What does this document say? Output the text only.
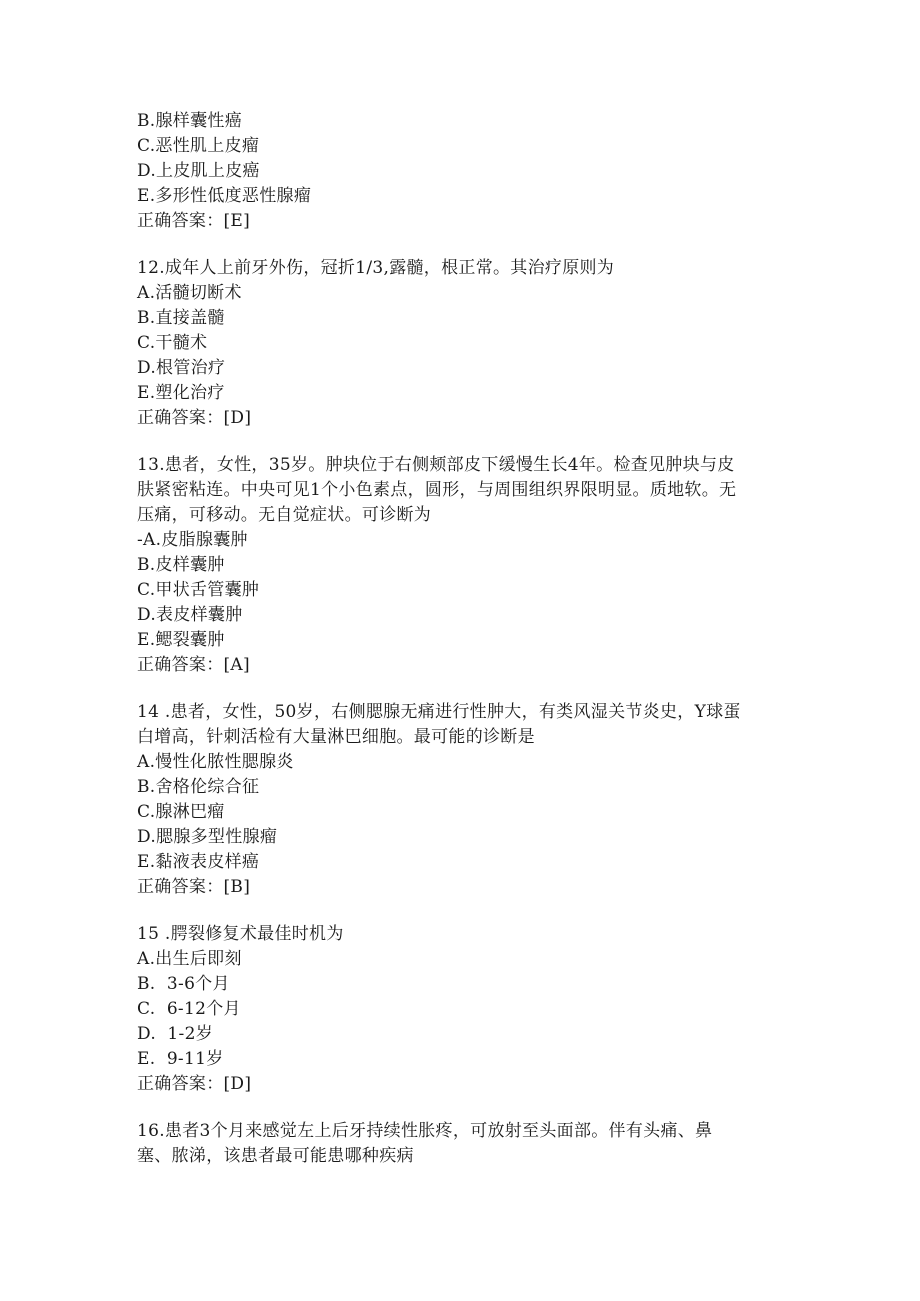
B.腺样囊性癌
C.恶性肌上皮瘤
D.上皮肌上皮癌
E.多形性低度恶性腺瘤
正确答案：[E]
12.成年人上前牙外伤，冠折1/3,露髓，根正常。其治疗原则为
A.活髓切断术
B.直接盖髓
C.干髓术
D.根管治疗
E.塑化治疗
正确答案：[D]
13.患者，女性，35岁。肿块位于右侧颊部皮下缓慢生长4年。检查见肿块与皮
肤紧密粘连。中央可见1个小色素点，圆形，与周围组织界限明显。质地软。无
压痛，可移动。无自觉症状。可诊断为
-A.皮脂腺囊肿
B.皮样囊肿
C.甲状舌管囊肿
D.表皮样囊肿
E.鳃裂囊肿
正确答案：[A]
14 .患者，女性，50岁，右侧腮腺无痛进行性肿大，有类风湿关节炎史，Y球蛋
白增高，针刺活检有大量淋巴细胞。最可能的诊断是
A.慢性化脓性腮腺炎
B.舍格伦综合征
C.腺淋巴瘤
D.腮腺多型性腺瘤
E.黏液表皮样癌
正确答案：[B]
15 .腭裂修复术最佳时机为
A.出生后即刻
B.  3-6个月
C.  6-12个月
D.  1-2岁
E.  9-11岁
正确答案：[D]
16.患者3个月来感觉左上后牙持续性胀疼，可放射至头面部。伴有头痛、鼻
塞、脓涕，该患者最可能患哪种疾病
